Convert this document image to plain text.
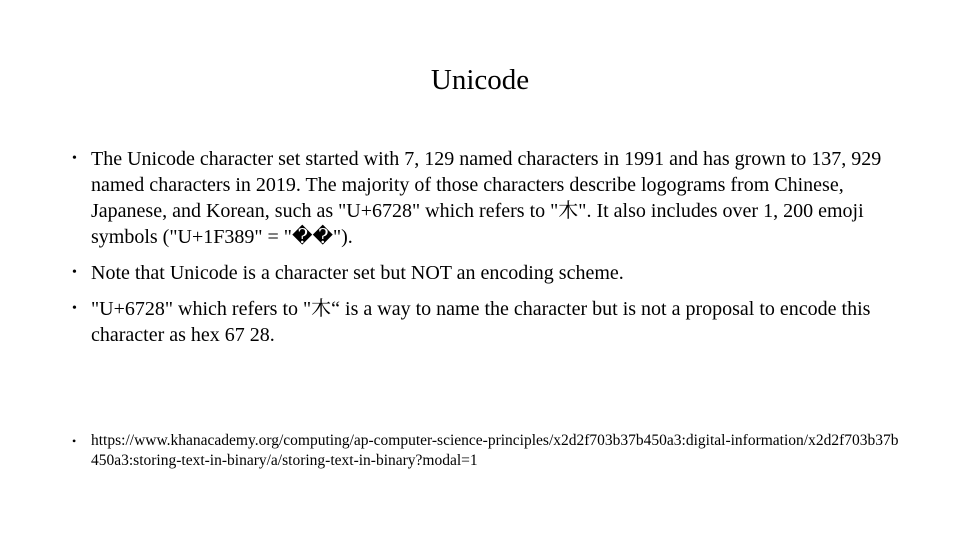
Unicode
• The Unicode character set started with 7, 129 named characters in 1991 and has grown to 137, 929 named characters in 2019. The majority of those characters describe logograms from Chinese, Japanese, and Korean, such as "U+6728" which refers to "木". It also includes over 1, 200 emoji symbols ("U+1F389" = "��").
• Note that Unicode is a character set but NOT an encoding scheme.
• "U+6728" which refers to "木“ is a way to name the character but is not a proposal to encode this character as hex 67 28.
• https://www.khanacademy.org/computing/ap-computer-science-principles/x2d2f703b37b450a3:digital-information/x2d2f703b37b450a3:storing-text-in-binary/a/storing-text-in-binary?modal=1
